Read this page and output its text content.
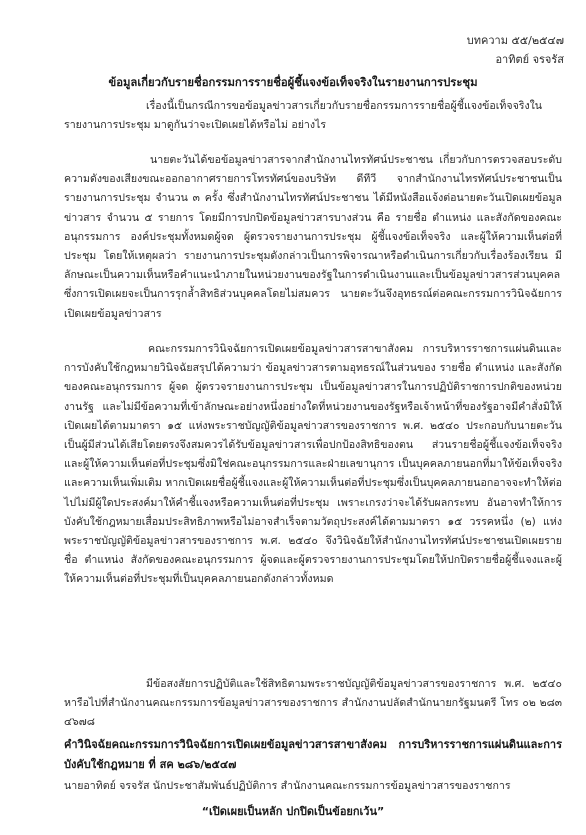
บทความ ๕๕/๒๕๔๗
อาทิตย์ จรจรัส
ข้อมูลเกี่ยวกับรายชื่อกรรมการรายชื่อผู้ชี้แจงข้อเท็จจริงในรายงานการประชุม

เรื่องนี้เป็นกรณีการขอข้อมูลข่าวสารเกี่ยวกับรายชื่อกรรมการรายชื่อผู้ชี้แจงข้อเท็จจริงในรายงานการประชุม มาดูกันว่าจะเปิดเผยได้หรือไม่ อย่างไร

นายตะวันได้ขอข้อมูลข่าวสารจากสำนักงานไทรทัศน์ประชาชน เกี่ยวกับการตรวจสอบระดับความดังของเสียงขณะออกอากาศรายการโทรทัศน์ของบริษัท ดีทีวี จากสำนักงานไทรทัศน์ประชาชนเป็นรายงานการประชุม จำนวน ๓ ครั้ง ซึ่งสำนักงานไทรทัศน์ประชาชน ได้มีหนังสือแจ้งต่อนายตะวันเปิดเผยข้อมูลข่าวสาร จำนวน ๕ รายการ โดยมีการปกปิดข้อมูลข่าวสารบางส่วน คือ รายชื่อ ตำแหน่ง และสังกัดของคณะอนุกรรมการ องค์ประชุมทั้งหมดผู้จด ผู้ตรวจรายงานการประชุม ผู้ชี้แจงข้อเท็จจริง และผู้ให้ความเห็นต่อที่ประชุม โดยให้เหตุผลว่า รายงานการประชุมดังกล่าวเป็นการพิจารณาหรือดำเนินการเกี่ยวกับเรื่องร้องเรียน มีลักษณะเป็นความเห็นหรือคำแนะนำภายในหน่วยงานของรัฐในการดำเนินงานและเป็นข้อมูลข่าวสารส่วนบุคคลซึ่งการเปิดเผยจะเป็นการรุกล้ำสิทธิส่วนบุคคลโดยไม่สมควร นายตะวันจึงอุทธรณ์ต่อคณะกรรมการวินิจฉัยการเปิดเผยข้อมูลข่าวสาร

คณะกรรมการวินิจฉัยการเปิดเผยข้อมูลข่าวสารสาขาสังคม การบริหารราชการแผ่นดินและการบังคับใช้กฎหมายวินิจฉัยสรุปได้ความว่า ข้อมูลข่าวสารตามอุทธรณ์ในส่วนของ รายชื่อ ตำแหน่ง และสังกัดของคณะอนุกรรมการ ผู้จด ผู้ตรวจรายงานการประชุม เป็นข้อมูลข่าวสารในการปฏิบัติราชการปกติของหน่วยงานรัฐ และไม่มีข้อความที่เข้าลักษณะอย่างหนึ่งอย่างใดที่หน่วยงานของรัฐหรือเจ้าหน้าที่ของรัฐอาจมีคำสั่งมิให้เปิดเผยได้ตามมาตรา ๑๕ แห่งพระราชบัญญัติข้อมูลข่าวสารของราชการ พ.ศ. ๒๕๔๐ ประกอบกับนายตะวันเป็นผู้มีส่วนได้เสียโดยตรงจึงสมควรได้รับข้อมูลข่าวสารเพื่อปกป้องสิทธิของตน ส่วนรายชื่อผู้ชี้แจงข้อเท็จจริง และผู้ให้ความเห็นต่อที่ประชุมซึ่งมิใช่คณะอนุกรรมการและฝ่ายเลขานุการ เป็นบุคคลภายนอกที่มาให้ข้อเท็จจริงและความเห็นเพิ่มเติม หากเปิดเผยชื่อผู้ชี้แจงและผู้ให้ความเห็นต่อที่ประชุมซึ่งเป็นบุคคลภายนอกอาจจะทำให้ต่อไปไม่มีผู้ใดประสงค์มาให้คำชี้แจงหรือความเห็นต่อที่ประชุม เพราะเกรงว่าจะได้รับผลกระทบ อันอาจทำให้การบังคับใช้กฎหมายเสื่อมประสิทธิภาพหรือไม่อาจสำเร็จตามวัตถุประสงค์ได้ตามมาตรา ๑๕ วรรคหนึ่ง (๒) แห่งพระราชบัญญัติข้อมูลข่าวสารของราชการ พ.ศ. ๒๕๔๐ จึงวินิจฉัยให้สำนักงานไทรทัศน์ประชาชนเปิดเผยรายชื่อ ตำแหน่ง สังกัดของคณะอนุกรรมการ ผู้จดและผู้ตรวจรายงานการประชุมโดยให้ปกปิดรายชื่อผู้ชี้แจงและผู้ให้ความเห็นต่อที่ประชุมที่เป็นบุคคลภายนอกดังกล่าวทั้งหมด

มีข้อสงสัยการปฏิบัติและใช้สิทธิตามพระราชบัญญัติข้อมูลข่าวสารของราชการ พ.ศ. ๒๕๔๐ หารือไปที่สำนักงานคณะกรรมการข้อมูลข่าวสารของราชการ สำนักงานปลัดสำนักนายกรัฐมนตรี โทร ๐๒ ๒๘๓ ๔๖๗๘

คำวินิจฉัยคณะกรรมการวินิจฉัยการเปิดเผยข้อมูลข่าวสารสาขาสังคม การบริหารราชการแผ่นดินและการบังคับใช้กฎหมาย ที่ สค ๒๘๖/๒๕๔๗
นายอาทิตย์ จรจรัส นักประชาสัมพันธ์ปฏิบัติการ สำนักงานคณะกรรมการข้อมูลข่าวสารของราชการ
“เปิดเผยเป็นหลัก ปกปิดเป็นข้อยกเว้น”
